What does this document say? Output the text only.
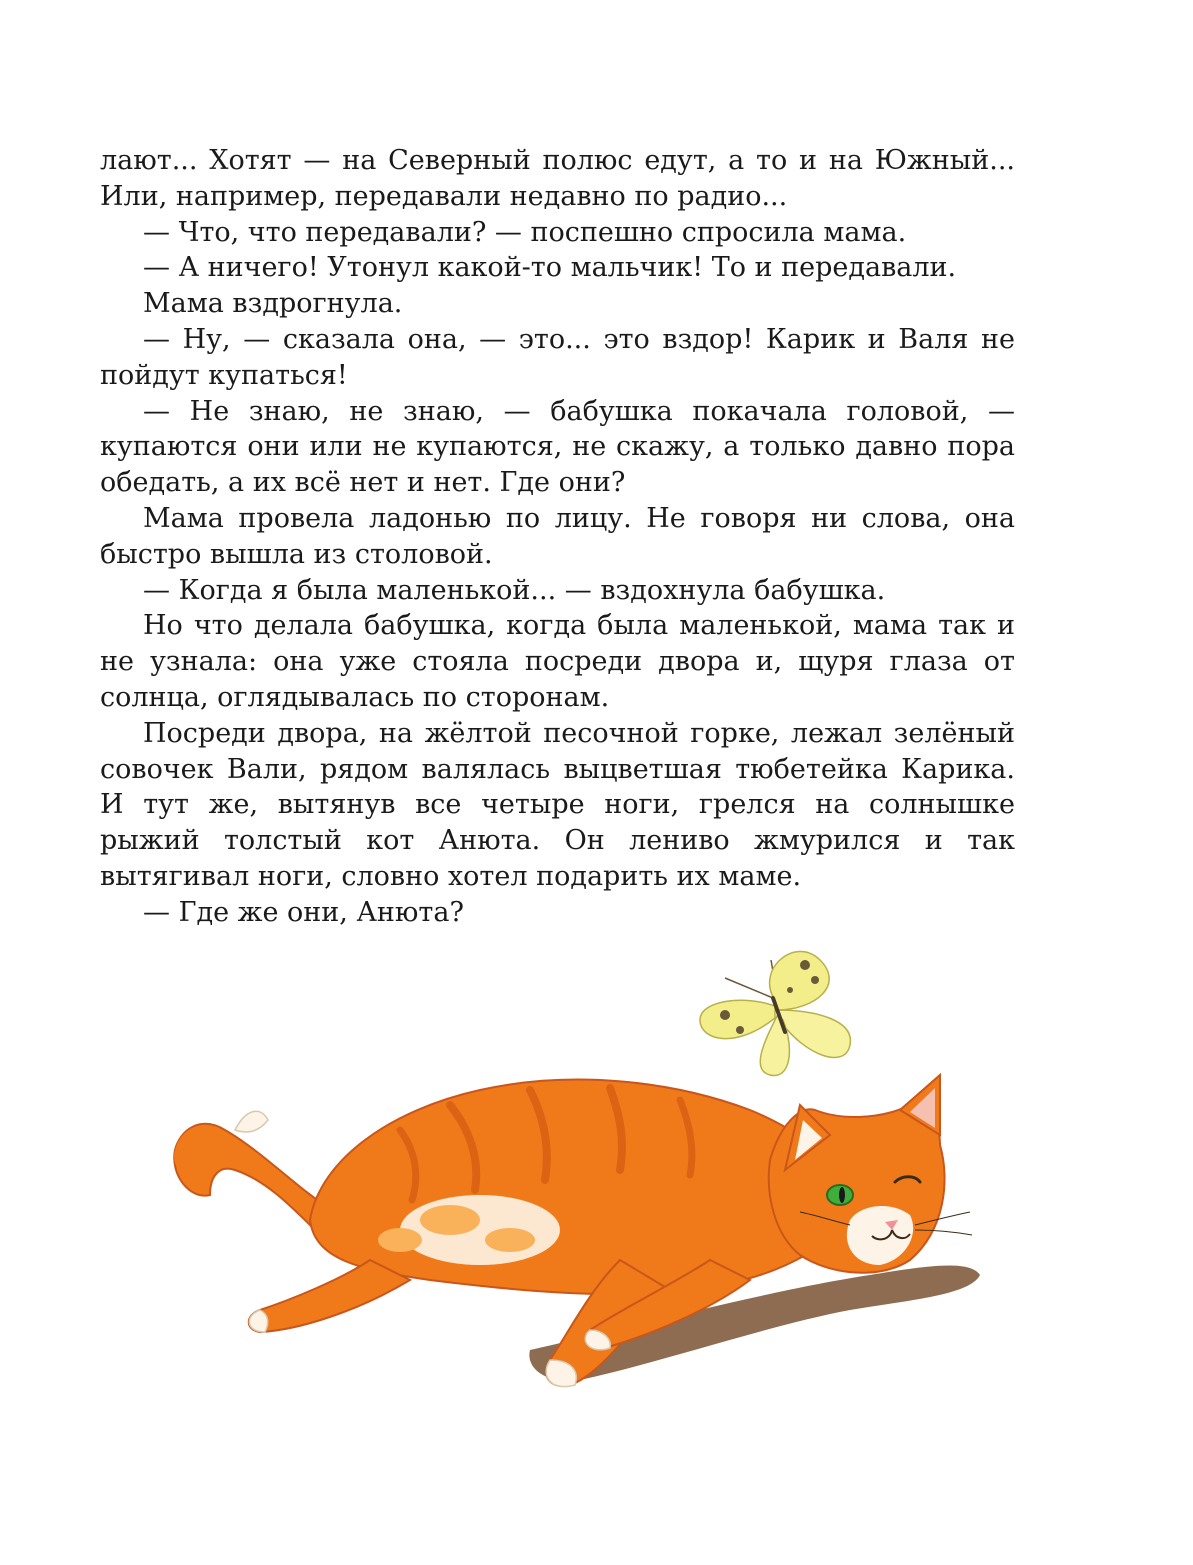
лают... Хотят — на Северный полюс едут, а то и на Южный... Или, например, передавали недавно по радио...

— Что, что передавали? — поспешно спросила мама.

— А ничего! Утонул какой-то мальчик! То и передавали.

Мама вздрогнула.

— Ну, — сказала она, — это... это вздор! Карик и Валя не пойдут купаться!

— Не знаю, не знаю, — бабушка покачала головой, — купаются они или не купаются, не скажу, а только давно пора обедать, а их всё нет и нет. Где они?

Мама провела ладонью по лицу. Не говоря ни слова, она быстро вышла из столовой.

— Когда я была маленькой... — вздохнула бабушка.

Но что делала бабушка, когда была маленькой, мама так и не узнала: она уже стояла посреди двора и, щуря глаза от солнца, оглядывалась по сторонам.

Посреди двора, на жёлтой песочной горке, лежал зелёный совочек Вали, рядом валялась выцветшая тюбетейка Карика. И тут же, вытянув все четыре ноги, грелся на солнышке рыжий толстый кот Анюта. Он лениво жмурился и так вытягивал ноги, словно хотел подарить их маме.

— Где же они, Анюта?
